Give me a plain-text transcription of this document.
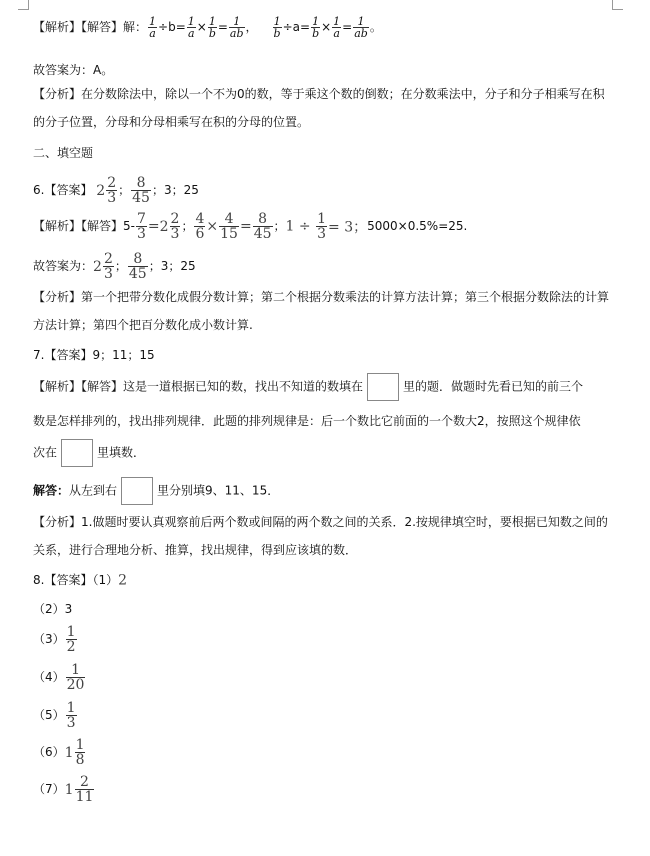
【解析】【解答】解： $\frac{1}{a} \div b= \frac{1}{a} \times \frac{1}{b} = \frac{1}{ab}$ ， $\frac{1}{b} \div a= \frac{1}{b} \times \frac{1}{a} = \frac{1}{ab}$ 。
故答案为：A。
【分析】在分数除法中，除以一个不为0的数，等于乘这个数的倒数；在分数乘法中，分子和分子相乘写在积的分子位置，分母和分母相乘写在积的分母的位置。
二、填空题
6.【答案】 $2 \frac{2}{3}$ ； $\frac{8}{45}$ ；3；25
【解析】【解答】$5- \frac{7}{3} =2 \frac{2}{3}$ ； $\frac{4}{6} \times \frac{4}{15} = \frac{8}{45}$ ；$1 \div \frac{1}{3} = 3$；5000×0.5%=25.
故答案为：$2 \frac{2}{3}$ ； $\frac{8}{45}$ ；3；25
【分析】第一个把带分数化成假分数计算；第二个根据分数乘法的计算方法计算；第三个根据分数除法的计算方法计算；第四个把百分数化成小数计算.
7.【答案】9；11；15
【解析】【解答】这是一道根据已知的数，找出不知道的数填在	里的题．做题时先看已知的前三个
数是怎样排列的，找出排列规律．此题的排列规律是：后一个数比它前面的一个数大2，按照这个规律依
次在	里填数．
解答：从左到右	里分别填9、11、15．
【分析】1.做题时要认真观察前后两个数或间隔的两个数之间的关系．2.按规律填空时，要根据已知数之间的关系，进行合理地分析、推算，找出规律，得到应该填的数．
8.【答案】（1）2
（2）3
$(3) \frac{1}{2}$
$(4) \frac{1}{20}$
$(5) \frac{1}{3}$
$(6)1 \frac{1}{8}$
$(7)1 \frac{2}{11}$
